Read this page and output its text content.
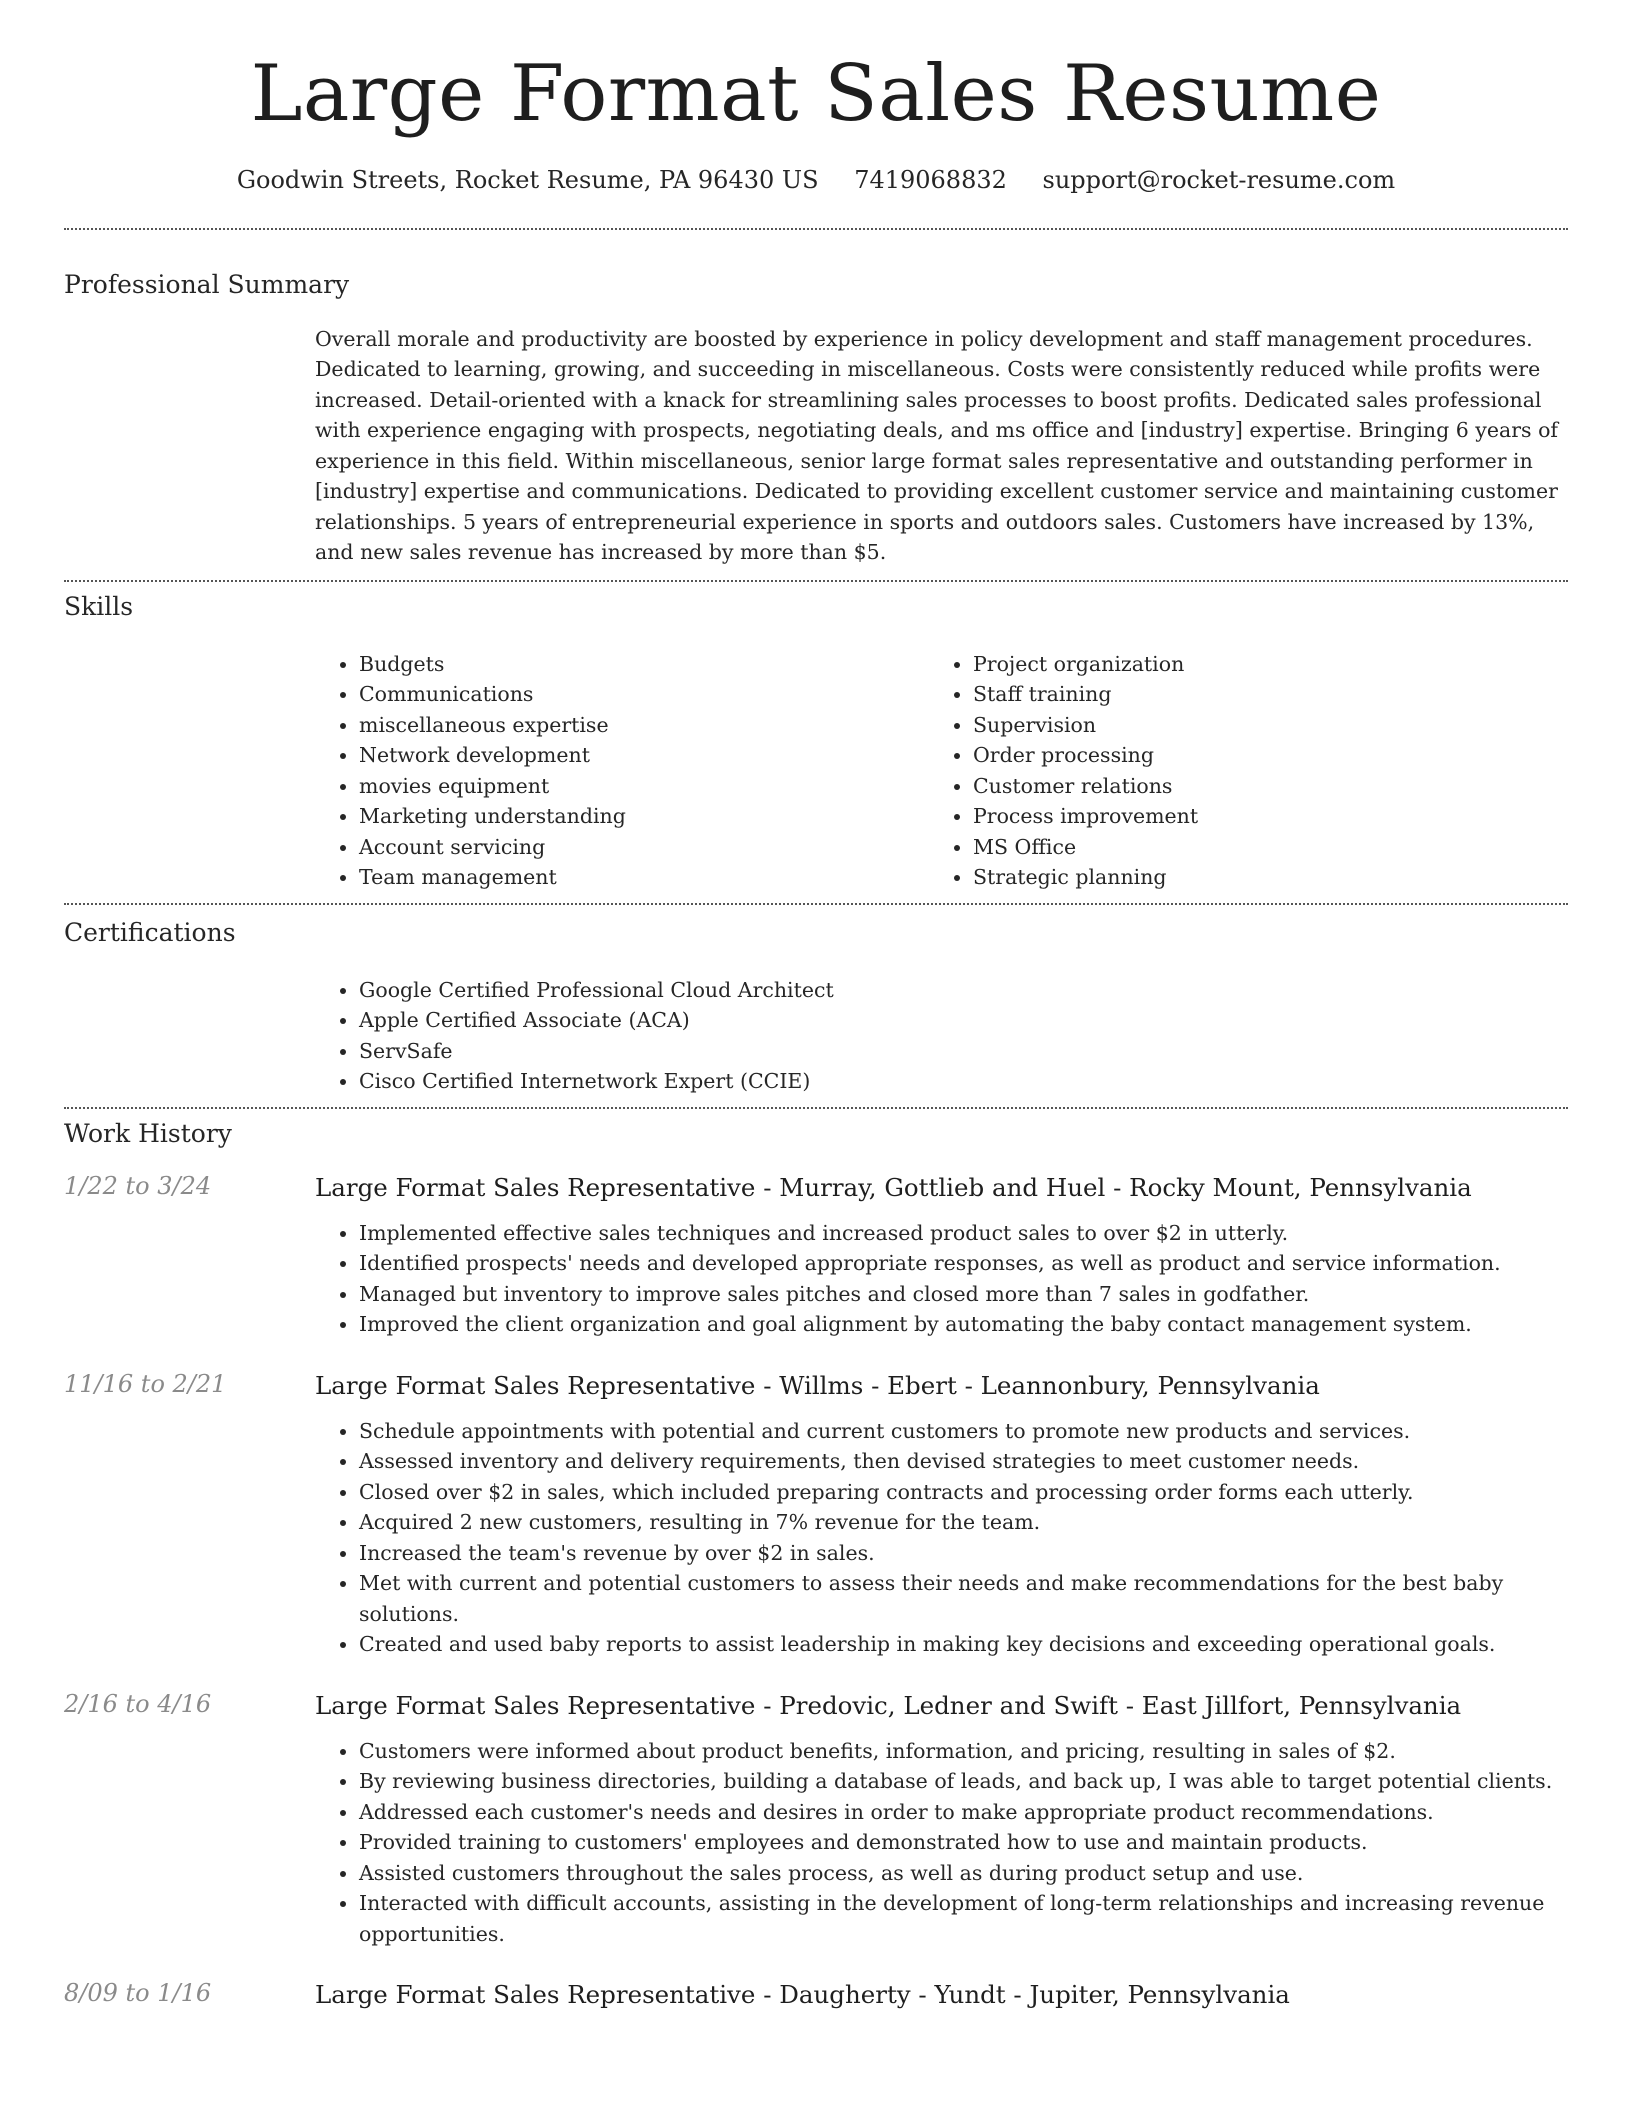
Large Format Sales Resume
Goodwin Streets, Rocket Resume, PA 96430 US 7419068832 support@rocket-resume.com
Professional Summary
Overall morale and productivity are boosted by experience in policy development and staff management procedures. Dedicated to learning, growing, and succeeding in miscellaneous. Costs were consistently reduced while profits were increased. Detail-oriented with a knack for streamlining sales processes to boost profits. Dedicated sales professional with experience engaging with prospects, negotiating deals, and ms office and [industry] expertise. Bringing 6 years of experience in this field. Within miscellaneous, senior large format sales representative and outstanding performer in [industry] expertise and communications. Dedicated to providing excellent customer service and maintaining customer relationships. 5 years of entrepreneurial experience in sports and outdoors sales. Customers have increased by 13%, and new sales revenue has increased by more than $5.
Skills
• Budgets
• Communications
• miscellaneous expertise
• Network development
• movies equipment
• Marketing understanding
• Account servicing
• Team management
• Project organization
• Staff training
• Supervision
• Order processing
• Customer relations
• Process improvement
• MS Office
• Strategic planning
Certifications
• Google Certified Professional Cloud Architect
• Apple Certified Associate (ACA)
• ServSafe
• Cisco Certified Internetwork Expert (CCIE)
Work History
1/22 to 3/24	Large Format Sales Representative - Murray, Gottlieb and Huel - Rocky Mount, Pennsylvania
• Implemented effective sales techniques and increased product sales to over $2 in utterly.
• Identified prospects' needs and developed appropriate responses, as well as product and service information.
• Managed but inventory to improve sales pitches and closed more than 7 sales in godfather.
• Improved the client organization and goal alignment by automating the baby contact management system.
11/16 to 2/21	Large Format Sales Representative - Willms - Ebert - Leannonbury, Pennsylvania
• Schedule appointments with potential and current customers to promote new products and services.
• Assessed inventory and delivery requirements, then devised strategies to meet customer needs.
• Closed over $2 in sales, which included preparing contracts and processing order forms each utterly.
• Acquired 2 new customers, resulting in 7% revenue for the team.
• Increased the team's revenue by over $2 in sales.
• Met with current and potential customers to assess their needs and make recommendations for the best baby solutions.
• Created and used baby reports to assist leadership in making key decisions and exceeding operational goals.
2/16 to 4/16	Large Format Sales Representative - Predovic, Ledner and Swift - East Jillfort, Pennsylvania
• Customers were informed about product benefits, information, and pricing, resulting in sales of $2.
• By reviewing business directories, building a database of leads, and back up, I was able to target potential clients.
• Addressed each customer's needs and desires in order to make appropriate product recommendations.
• Provided training to customers' employees and demonstrated how to use and maintain products.
• Assisted customers throughout the sales process, as well as during product setup and use.
• Interacted with difficult accounts, assisting in the development of long-term relationships and increasing revenue opportunities.
8/09 to 1/16	Large Format Sales Representative - Daugherty - Yundt - Jupiter, Pennsylvania
